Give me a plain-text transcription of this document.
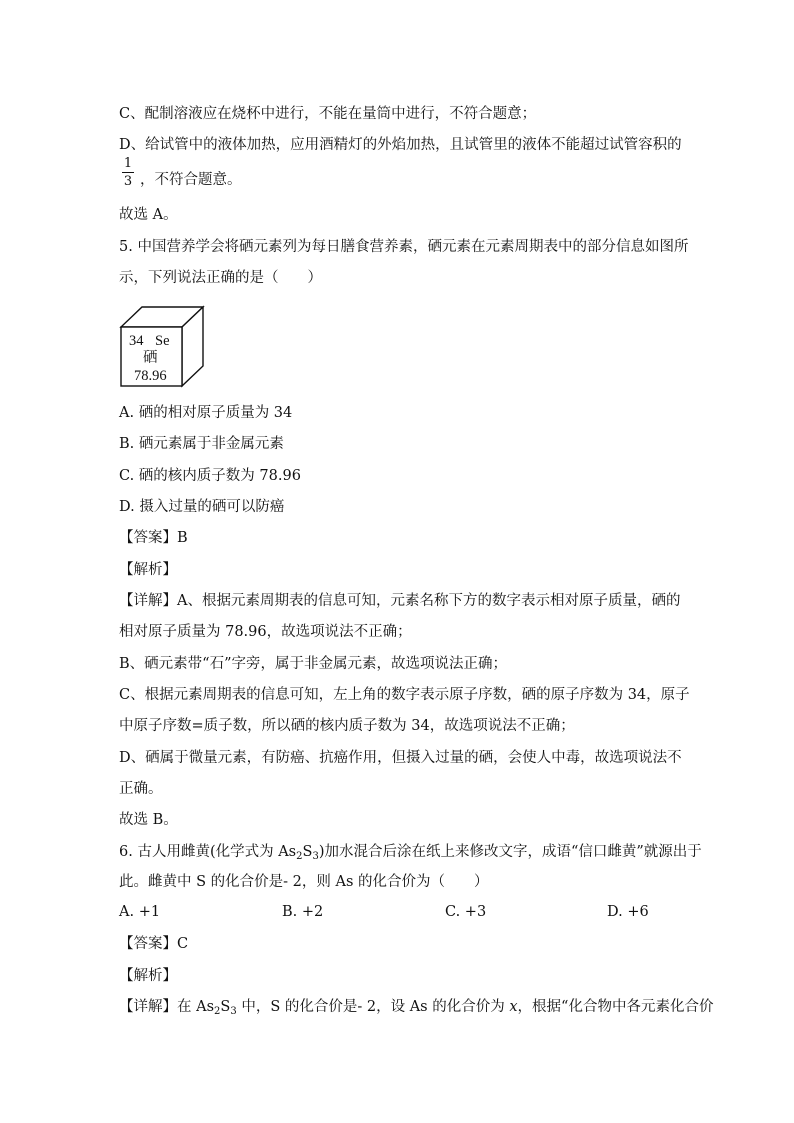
C、配制溶液应在烧杯中进行，不能在量筒中进行，不符合题意；
D、给试管中的液体加热，应用酒精灯的外焰加热，且试管里的液体不能超过试管容积的
1
3 ，不符合题意。
故选 A。
5. 中国营养学会将硒元素列为每日膳食营养素，硒元素在元素周期表中的部分信息如图所
示，下列说法正确的是（　　）
34 Se
硒
78.96
A. 硒的相对原子质量为 34
B. 硒元素属于非金属元素
C. 硒的核内质子数为 78.96
D. 摄入过量的硒可以防癌
【答案】B
【解析】
【详解】A、根据元素周期表的信息可知，元素名称下方的数字表示相对原子质量，硒的
相对原子质量为 78.96，故选项说法不正确；
B、硒元素带“石”字旁，属于非金属元素，故选项说法正确；
C、根据元素周期表的信息可知，左上角的数字表示原子序数，硒的原子序数为 34，原子
中原子序数=质子数，所以硒的核内质子数为 34，故选项说法不正确；
D、硒属于微量元素，有防癌、抗癌作用，但摄入过量的硒，会使人中毒，故选项说法不
正确。
故选 B。
6. 古人用雌黄(化学式为 $As_2S_3$)加水混合后涂在纸上来修改文字，成语“信口雌黄”就源出于
此。雌黄中 S 的化合价是- 2，则 As 的化合价为（　　）
A. +1	B. +2	C. +3	D. +6
【答案】C
【解析】
【详解】在 $As_2S_3$ 中，S 的化合价是- 2，设 As 的化合价为 x，根据“化合物中各元素化合价
